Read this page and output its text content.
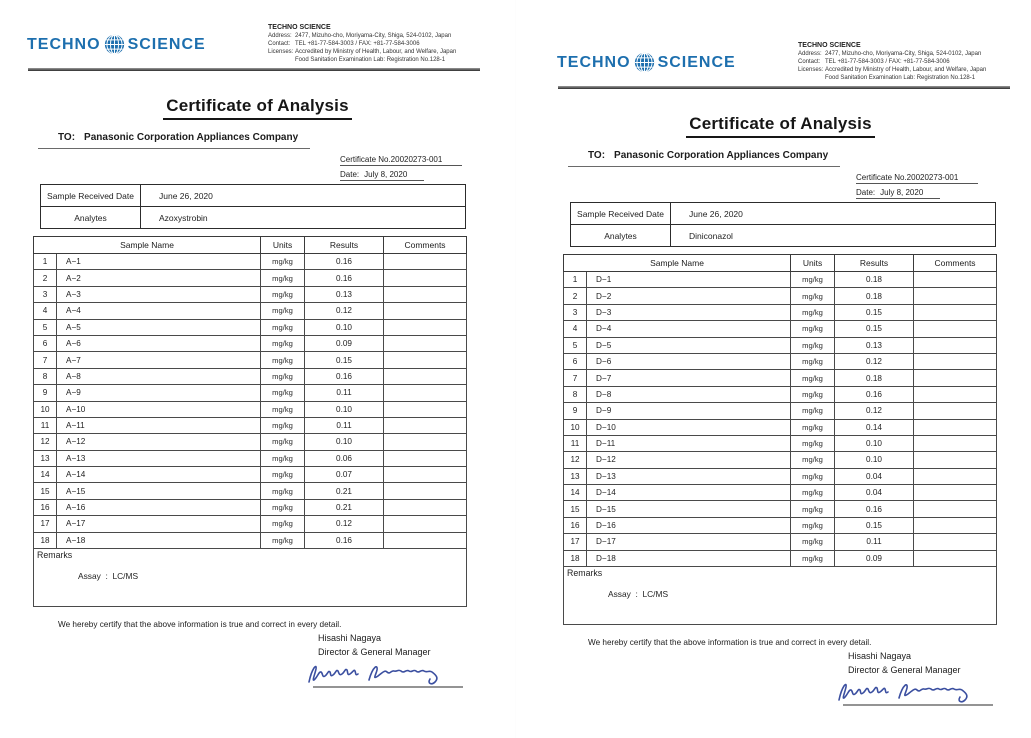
TECHNO SCIENCE
TECHNO SCIENCE
Address: 2477, Mizuho-cho, Moriyama-City, Shiga, 524-0102, Japan
Contact: TEL +81-77-584-3003 / FAX: +81-77-584-3006
Licenses: Accredited by Ministry of Health, Labour, and Welfare, Japan
Food Sanitation Examination Lab: Registration No.128-1
Certificate of Analysis
TO: Panasonic Corporation Appliances Company
Certificate No.20020273-001
Date: July 8, 2020
Sample Received Date	June 26, 2020
Analytes	Azoxystrobin
Sample Name		Units	Results	Comments
1	A−1	mg/kg	0.16	
2	A−2	mg/kg	0.16	
3	A−3	mg/kg	0.13	
4	A−4	mg/kg	0.12	
5	A−5	mg/kg	0.10	
6	A−6	mg/kg	0.09	
7	A−7	mg/kg	0.15	
8	A−8	mg/kg	0.16	
9	A−9	mg/kg	0.11	
10	A−10	mg/kg	0.10	
11	A−11	mg/kg	0.11	
12	A−12	mg/kg	0.10	
13	A−13	mg/kg	0.06	
14	A−14	mg/kg	0.07	
15	A−15	mg/kg	0.21	
16	A−16	mg/kg	0.21	
17	A−17	mg/kg	0.12	
18	A−18	mg/kg	0.16	

Remarks
Assay  :  LC/MS				
We hereby certify that the above information is true and correct in every detail.
Hisashi Nagaya
Director & General Manager
TECHNO SCIENCE
TECHNO SCIENCE
Address: 2477, Mizuho-cho, Moriyama-City, Shiga, 524-0102, Japan
Contact: TEL +81-77-584-3003 / FAX: +81-77-584-3006
Licenses: Accredited by Ministry of Health, Labour, and Welfare, Japan
Food Sanitation Examination Lab: Registration No.128-1
Certificate of Analysis
TO: Panasonic Corporation Appliances Company
Certificate No.20020273-001
Date: July 8, 2020
Sample Received Date	June 26, 2020
Analytes	Diniconazol
Sample Name		Units	Results	Comments
1	D−1	mg/kg	0.18	
2	D−2	mg/kg	0.18	
3	D−3	mg/kg	0.15	
4	D−4	mg/kg	0.15	
5	D−5	mg/kg	0.13	
6	D−6	mg/kg	0.12	
7	D−7	mg/kg	0.18	
8	D−8	mg/kg	0.16	
9	D−9	mg/kg	0.12	
10	D−10	mg/kg	0.14	
11	D−11	mg/kg	0.10	
12	D−12	mg/kg	0.10	
13	D−13	mg/kg	0.04	
14	D−14	mg/kg	0.04	
15	D−15	mg/kg	0.16	
16	D−16	mg/kg	0.15	
17	D−17	mg/kg	0.11	
18	D−18	mg/kg	0.09	

Remarks
Assay  :  LC/MS				
We hereby certify that the above information is true and correct in every detail.
Hisashi Nagaya
Director & General Manager
